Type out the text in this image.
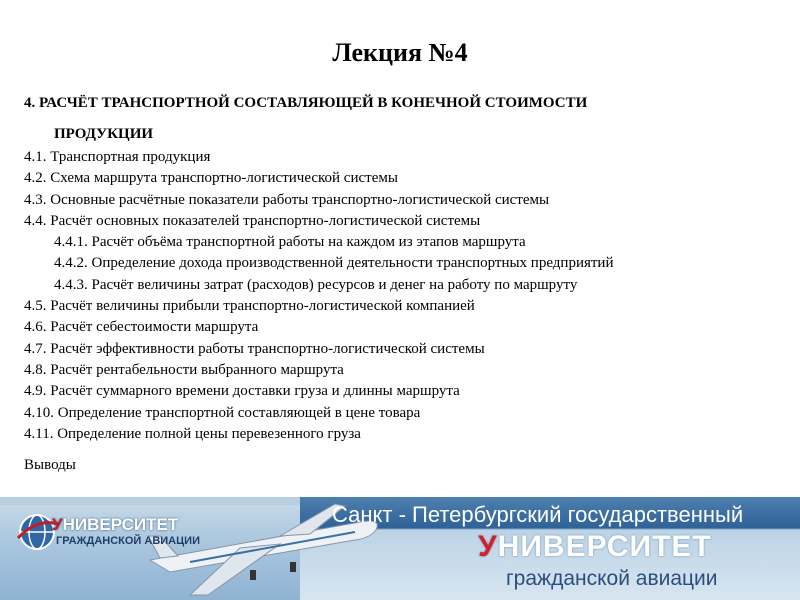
Лекция №4
4. РАСЧЁТ ТРАНСПОРТНОЙ СОСТАВЛЯЮЩЕЙ В КОНЕЧНОЙ СТОИМОСТИ
ПРОДУКЦИИ
4.1. Транспортная продукция
4.2. Схема маршрута транспортно-логистической системы
4.3. Основные расчётные показатели работы транспортно-логистической системы
4.4. Расчёт основных показателей транспортно-логистической системы
4.4.1. Расчёт объёма транспортной работы на каждом из этапов маршрута
4.4.2. Определение дохода производственной деятельности транспортных предприятий
4.4.3. Расчёт величины затрат (расходов) ресурсов и денег на работу по маршруту
4.5. Расчёт величины прибыли транспортно-логистической компанией
4.6. Расчёт себестоимости маршрута
4.7. Расчёт эффективности работы транспортно-логистической системы
4.8. Расчёт рентабельности выбранного маршрута
4.9. Расчёт суммарного времени доставки груза и длинны маршрута
4.10. Определение транспортной составляющей в цене товара
4.11. Определение полной цены перевезенного груза
Выводы
УНИВЕРСИТЕТ
ГРАЖДАНСКОЙ АВИАЦИИ
Санкт - Петербургский государственный
УНИВЕРСИТЕТ
гражданской авиации
